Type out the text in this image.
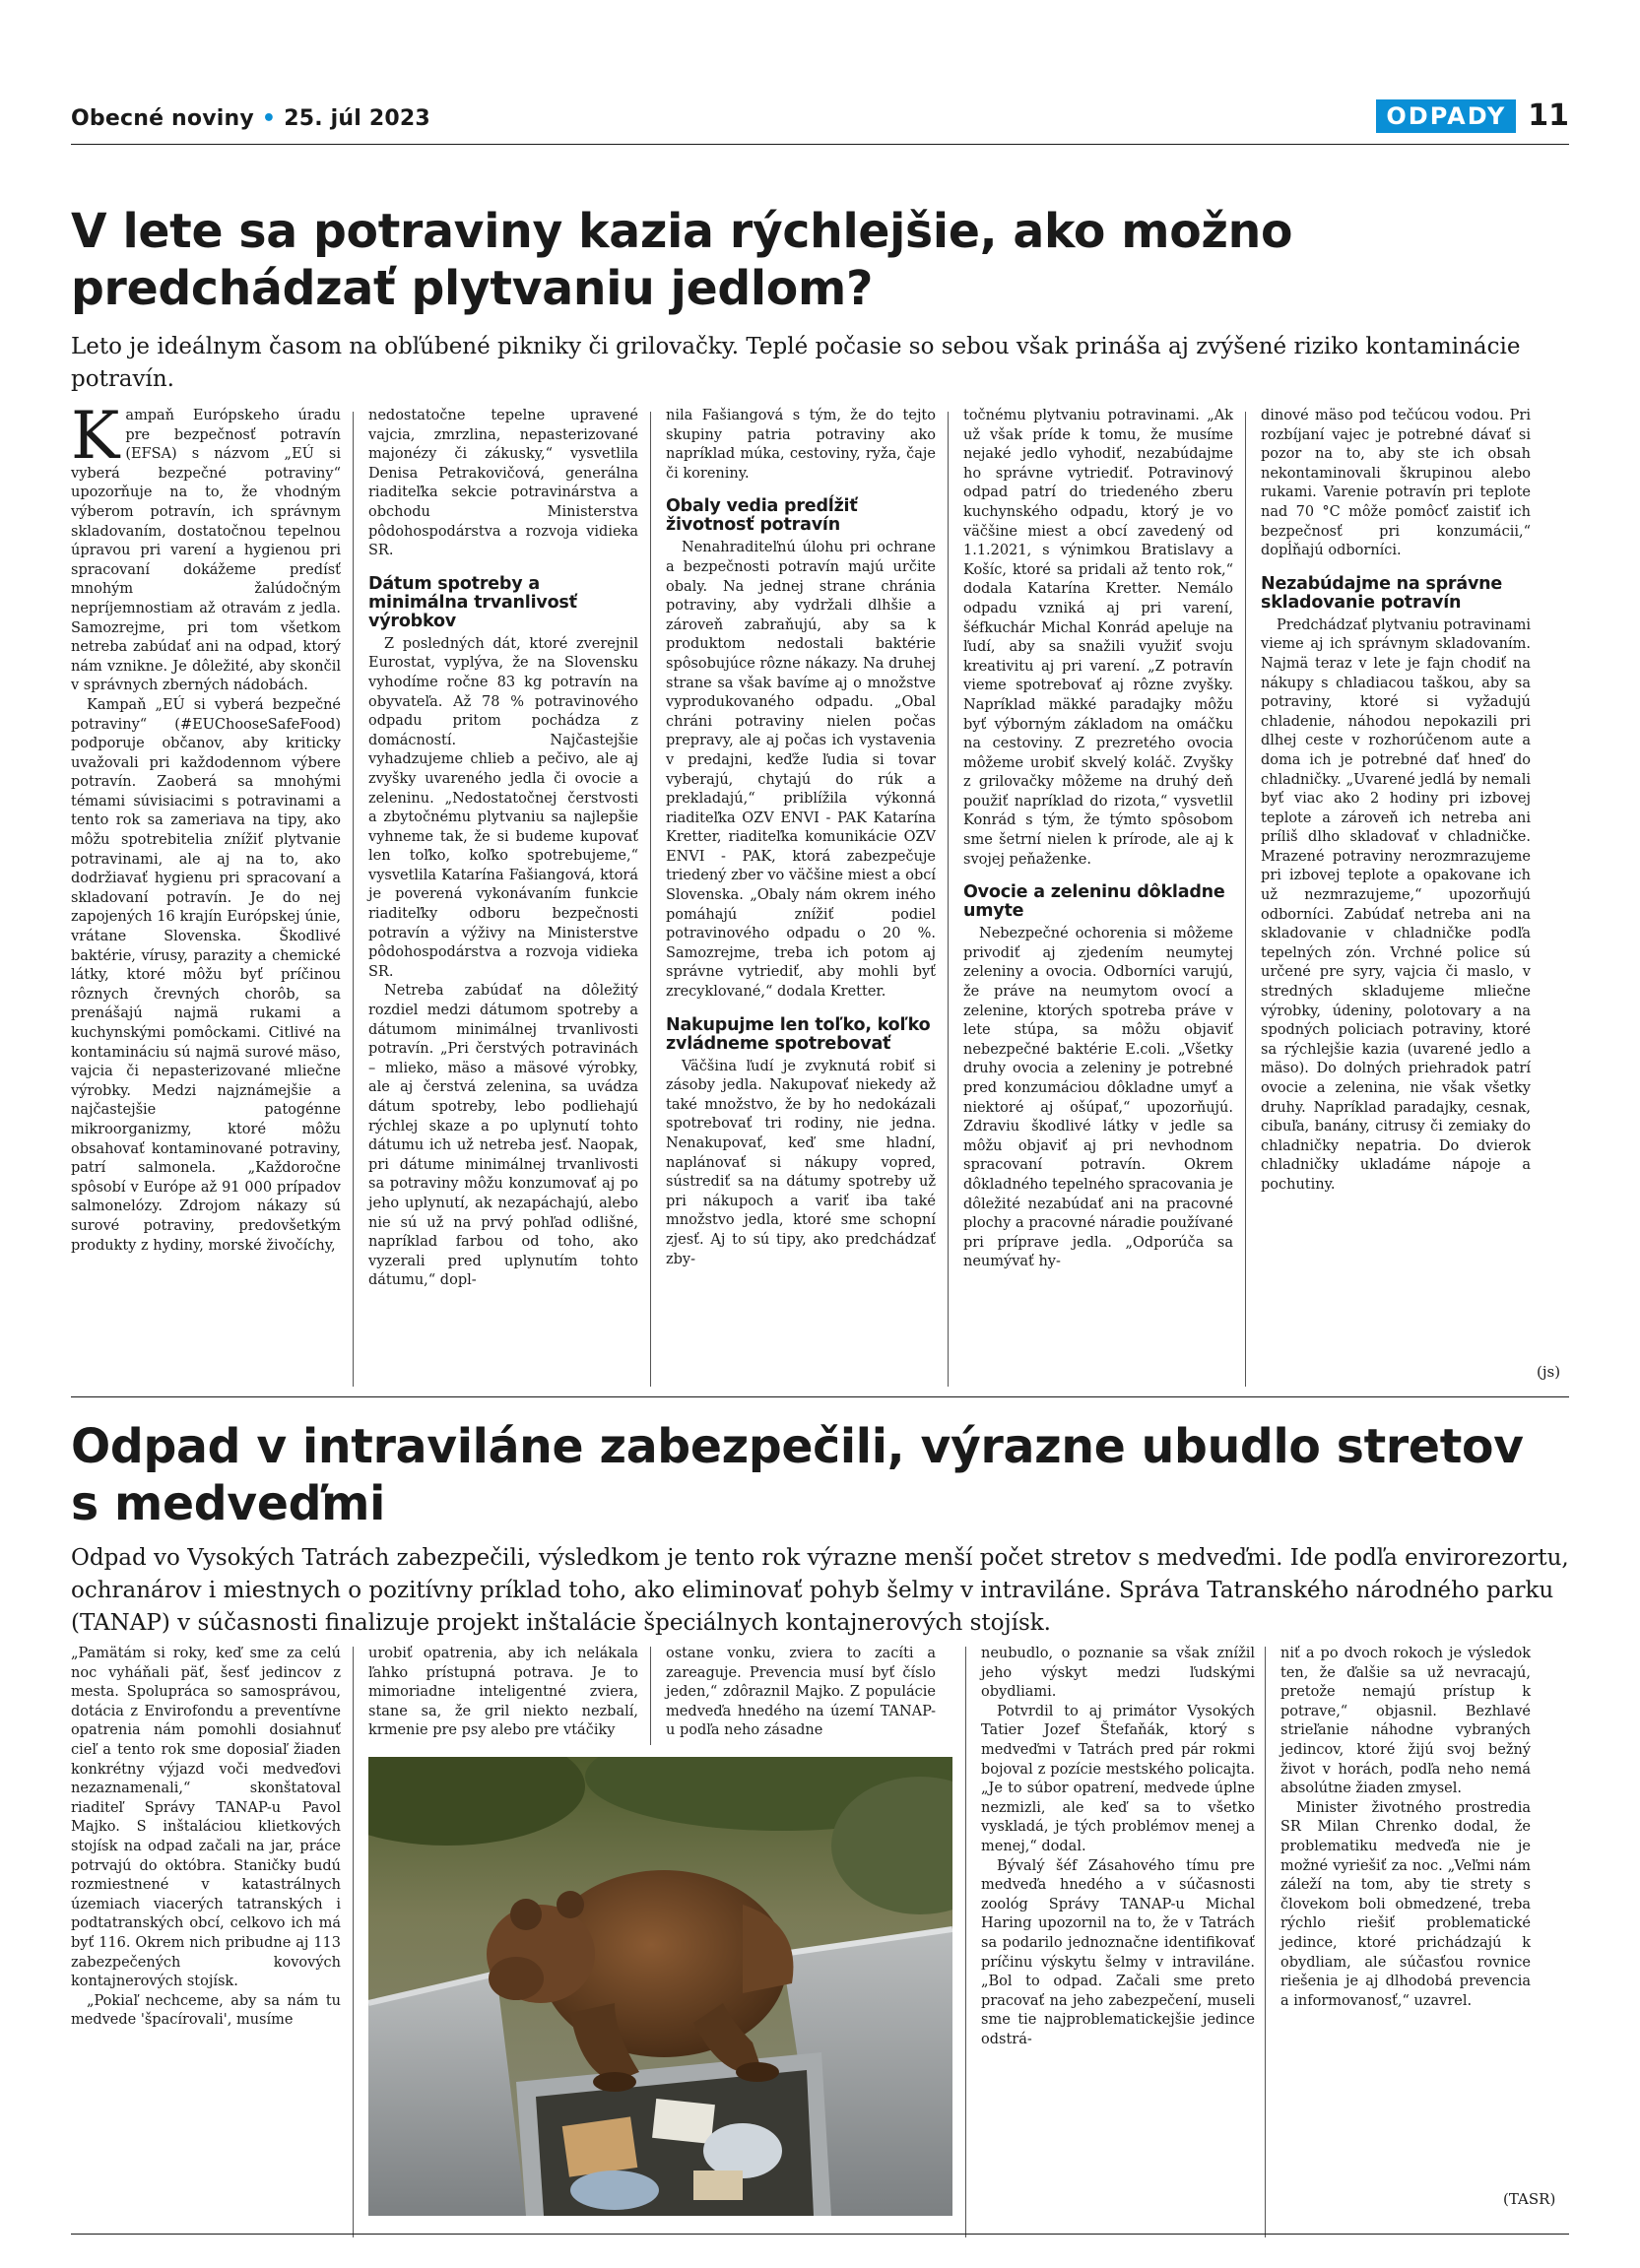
Obecné noviny • 25. júl 2023	ODPADY 11
V lete sa potraviny kazia rýchlejšie, ako možno
predchádzať plytvaniu jedlom?

Leto je ideálnym časom na obľúbené pikniky či grilovačky. Teplé počasie so sebou však prináša aj zvýšené riziko kontaminácie potravín.

Kampaň Európskeho úradu pre bezpečnosť potravín (EFSA) s názvom „EÚ si vyberá bezpečné potraviny“ upozorňuje na to, že vhodným výberom potravín, ich správnym skladovaním, dostatočnou tepelnou úpravou pri varení a hygienou pri spracovaní dokážeme predísť mnohým žalúdočným nepríjemnostiam až otravám z jedla. Samozrejme, pri tom všetkom netreba zabúdať ani na odpad, ktorý nám vznikne. Je dôležité, aby skončil v správnych zberných nádobách.

Kampaň „EÚ si vyberá bezpečné potraviny“ (#EUChooseSafeFood) podporuje občanov, aby kriticky uvažovali pri každodennom výbere potravín. Zaoberá sa mnohými témami súvisiacimi s potravinami a tento rok sa zameriava na tipy, ako môžu spotrebitelia znížiť plytvanie potravinami, ale aj na to, ako dodržiavať hygienu pri spracovaní a skladovaní potravín. Je do nej zapojených 16 krajín Európskej únie, vrátane Slovenska. Škodlivé baktérie, vírusy, parazity a chemické látky, ktoré môžu byť príčinou rôznych črevných chorôb, sa prenášajú najmä rukami a kuchynskými pomôckami. Citlivé na kontamináciu sú najmä surové mäso, vajcia či nepasterizované mliečne výrobky. Medzi najznámejšie a najčastejšie patogénne mikroorganizmy, ktoré môžu obsahovať kontaminované potraviny, patrí salmonela. „Každoročne spôsobí v Európe až 91 000 prípadov salmonelózy. Zdrojom nákazy sú surové potraviny, predovšetkým produkty z hydiny, morské živočíchy,

nedostatočne tepelne upravené vajcia, zmrzlina, nepasterizované majonézy či zákusky,“ vysvetlila Denisa Petrakovičová, generálna riaditeľka sekcie potravinárstva a obchodu Ministerstva pôdohospodárstva a rozvoja vidieka SR.

Dátum spotreby a minimálna trvanlivosť výrobkov

Z posledných dát, ktoré zverejnil Eurostat, vyplýva, že na Slovensku vyhodíme ročne 83 kg potravín na obyvateľa. Až 78 % potravinového odpadu pritom pochádza z domácností. Najčastejšie vyhadzujeme chlieb a pečivo, ale aj zvyšky uvareného jedla či ovocie a zeleninu. „Nedostatočnej čerstvosti a zbytočnému plytvaniu sa najlepšie vyhneme tak, že si budeme kupovať len toľko, koľko spotrebujeme,“ vysvetlila Katarína Fašiangová, ktorá je poverená vykonávaním funkcie riaditeľky odboru bezpečnosti potravín a výživy na Ministerstve pôdohospodárstva a rozvoja vidieka SR.

Netreba zabúdať na dôležitý rozdiel medzi dátumom spotreby a dátumom minimálnej trvanlivosti potravín. „Pri čerstvých potravinách – mlieko, mäso a mäsové výrobky, ale aj čerstvá zelenina, sa uvádza dátum spotreby, lebo podliehajú rýchlej skaze a po uplynutí tohto dátumu ich už netreba jesť. Naopak, pri dátume minimálnej trvanlivosti sa potraviny môžu konzumovať aj po jeho uplynutí, ak nezapáchajú, alebo nie sú už na prvý pohľad odlišné, napríklad farbou od toho, ako vyzerali pred uplynutím tohto dátumu,“ dopl-

nila Fašiangová s tým, že do tejto skupiny patria potraviny ako napríklad múka, cestoviny, ryža, čaje či koreniny.

Obaly vedia predĺžiť životnosť potravín

Nenahraditeľnú úlohu pri ochrane a bezpečnosti potravín majú určite obaly. Na jednej strane chránia potraviny, aby vydržali dlhšie a zároveň zabraňujú, aby sa k produktom nedostali baktérie spôsobujúce rôzne nákazy. Na druhej strane sa však bavíme aj o množstve vyprodukovaného odpadu. „Obal chráni potraviny nielen počas prepravy, ale aj počas ich vystavenia v predajni, keďže ľudia si tovar vyberajú, chytajú do rúk a prekladajú,“ priblížila výkonná riaditeľka OZV ENVI - PAK Katarína Kretter, riaditeľka komunikácie OZV ENVI - PAK, ktorá zabezpečuje triedený zber vo väčšine miest a obcí Slovenska. „Obaly nám okrem iného pomáhajú znížiť podiel potravinového odpadu o 20 %. Samozrejme, treba ich potom aj správne vytriediť, aby mohli byť zrecyklované,“ dodala Kretter.

Nakupujme len toľko, koľko zvládneme spotrebovať

Väčšina ľudí je zvyknutá robiť si zásoby jedla. Nakupovať niekedy až také množstvo, že by ho nedokázali spotrebovať tri rodiny, nie jedna. Nenakupovať, keď sme hladní, naplánovať si nákupy vopred, sústrediť sa na dátumy spotreby už pri nákupoch a variť iba také množstvo jedla, ktoré sme schopní zjesť. Aj to sú tipy, ako predchádzať zby-

točnému plytvaniu potravinami. „Ak už však príde k tomu, že musíme nejaké jedlo vyhodiť, nezabúdajme ho správne vytriediť. Potravinový odpad patrí do triedeného zberu kuchynského odpadu, ktorý je vo väčšine miest a obcí zavedený od 1.1.2021, s výnimkou Bratislavy a Košíc, ktoré sa pridali až tento rok,“ dodala Katarína Kretter. Nemálo odpadu vzniká aj pri varení, šéfkuchár Michal Konrád apeluje na ľudí, aby sa snažili využiť svoju kreativitu aj pri varení. „Z potravín vieme spotrebovať aj rôzne zvyšky. Napríklad mäkké paradajky môžu byť výborným základom na omáčku na cestoviny. Z prezretého ovocia môžeme urobiť skvelý koláč. Zvyšky z grilovačky môžeme na druhý deň použiť napríklad do rizota,“ vysvetlil Konrád s tým, že týmto spôsobom sme šetrní nielen k prírode, ale aj k svojej peňaženke.

Ovocie a zeleninu dôkladne umyte

Nebezpečné ochorenia si môžeme privodiť aj zjedením neumytej zeleniny a ovocia. Odborníci varujú, že práve na neumytom ovocí a zelenine, ktorých spotreba práve v lete stúpa, sa môžu objaviť nebezpečné baktérie E.coli. „Všetky druhy ovocia a zeleniny je potrebné pred konzumáciou dôkladne umyť a niektoré aj ošúpať,“ upozorňujú. Zdraviu škodlivé látky v jedle sa môžu objaviť aj pri nevhodnom spracovaní potravín. Okrem dôkladného tepelného spracovania je dôležité nezabúdať ani na pracovné plochy a pracovné náradie používané pri príprave jedla. „Odporúča sa neumývať hy-

dinové mäso pod tečúcou vodou. Pri rozbíjaní vajec je potrebné dávať si pozor na to, aby ste ich obsah nekontaminovali škrupinou alebo rukami. Varenie potravín pri teplote nad 70 °C môže pomôcť zaistiť ich bezpečnosť pri konzumácii,“ dopĺňajú odborníci.

Nezabúdajme na správne skladovanie potravín

Predchádzať plytvaniu potravinami vieme aj ich správnym skladovaním. Najmä teraz v lete je fajn chodiť na nákupy s chladiacou taškou, aby sa potraviny, ktoré si vyžadujú chladenie, náhodou nepokazili pri dlhej ceste v rozhorúčenom aute a doma ich je potrebné dať hneď do chladničky. „Uvarené jedlá by nemali byť viac ako 2 hodiny pri izbovej teplote a zároveň ich netreba ani príliš dlho skladovať v chladničke. Mrazené potraviny nerozmrazujeme pri izbovej teplote a opakovane ich už nezmrazujeme,“ upozorňujú odborníci. Zabúdať netreba ani na skladovanie v chladničke podľa tepelných zón. Vrchné police sú určené pre syry, vajcia či maslo, v stredných skladujeme mliečne výrobky, údeniny, polotovary a na spodných policiach potraviny, ktoré sa rýchlejšie kazia (uvarené jedlo a mäso). Do dolných priehradok patrí ovocie a zelenina, nie však všetky druhy. Napríklad paradajky, cesnak, cibuľa, banány, citrusy či zemiaky do chladničky nepatria. Do dvierok chladničky ukladáme nápoje a pochutiny.

(js)
Odpad v intraviláne zabezpečili, výrazne ubudlo stretov
s medveďmi

Odpad vo Vysokých Tatrách zabezpečili, výsledkom je tento rok výrazne menší počet stretov s medveďmi. Ide podľa envirorezortu, ochranárov i miestnych o pozitívny príklad toho, ako eliminovať pohyb šelmy v intraviláne. Správa Tatranského národného parku (TANAP) v súčasnosti finalizuje projekt inštalácie špeciálnych kontajnerových stojísk.

„Pamätám si roky, keď sme za celú noc vyháňali päť, šesť jedincov z mesta. Spolupráca so samosprávou, dotácia z Envirofondu a preventívne opatrenia nám pomohli dosiahnuť cieľ a tento rok sme doposiaľ žiaden konkrétny výjazd voči medveďovi nezaznamenali,“ skonštatoval riaditeľ Správy TANAP-u Pavol Majko. S inštaláciou klietkových stojísk na odpad začali na jar, práce potrvajú do októbra. Staničky budú rozmiestnené v katastrálnych územiach viacerých tatranských i podtatranských obcí, celkovo ich má byť 116. Okrem nich pribudne aj 113 zabezpečených kovových kontajnerových stojísk.

„Pokiaľ nechceme, aby sa nám tu medvede 'špacírovali', musíme

urobiť opatrenia, aby ich nelákala ľahko prístupná potrava. Je to mimoriadne inteligentné zviera, stane sa, že gril niekto nezbalí, krmenie pre psy alebo pre vtáčiky

ostane vonku, zviera to zacíti a zareaguje. Prevencia musí byť číslo jeden,“ zdôraznil Majko. Z populácie medveďa hnedého na území TANAP-u podľa neho zásadne

neubudlo, o poznanie sa však znížil jeho výskyt medzi ľudskými obydliami.

Potvrdil to aj primátor Vysokých Tatier Jozef Štefaňák, ktorý s medveďmi v Tatrách pred pár rokmi bojoval z pozície mestského policajta. „Je to súbor opatrení, medvede úplne nezmizli, ale keď sa to všetko vyskladá, je tých problémov menej a menej,“ dodal.

Bývalý šéf Zásahového tímu pre medveďa hnedého a v súčasnosti zoológ Správy TANAP-u Michal Haring upozornil na to, že v Tatrách sa podarilo jednoznačne identifikovať príčinu výskytu šelmy v intraviláne. „Bol to odpad. Začali sme preto pracovať na jeho zabezpečení, museli sme tie najproblematickejšie jedince odstrá-

niť a po dvoch rokoch je výsledok ten, že ďalšie sa už nevracajú, pretože nemajú prístup k potrave,“ objasnil. Bezhlavé strieľanie náhodne vybraných jedincov, ktoré žijú svoj bežný život v horách, podľa neho nemá absolútne žiaden zmysel.

Minister životného prostredia SR Milan Chrenko dodal, že problematiku medveďa nie je možné vyriešiť za noc. „Veľmi nám záleží na tom, aby tie strety s človekom boli obmedzené, treba rýchlo riešiť problematické jedince, ktoré prichádzajú k obydliam, ale súčasťou rovnice riešenia je aj dlhodobá prevencia a informovanosť,“ uzavrel.

(TASR)
